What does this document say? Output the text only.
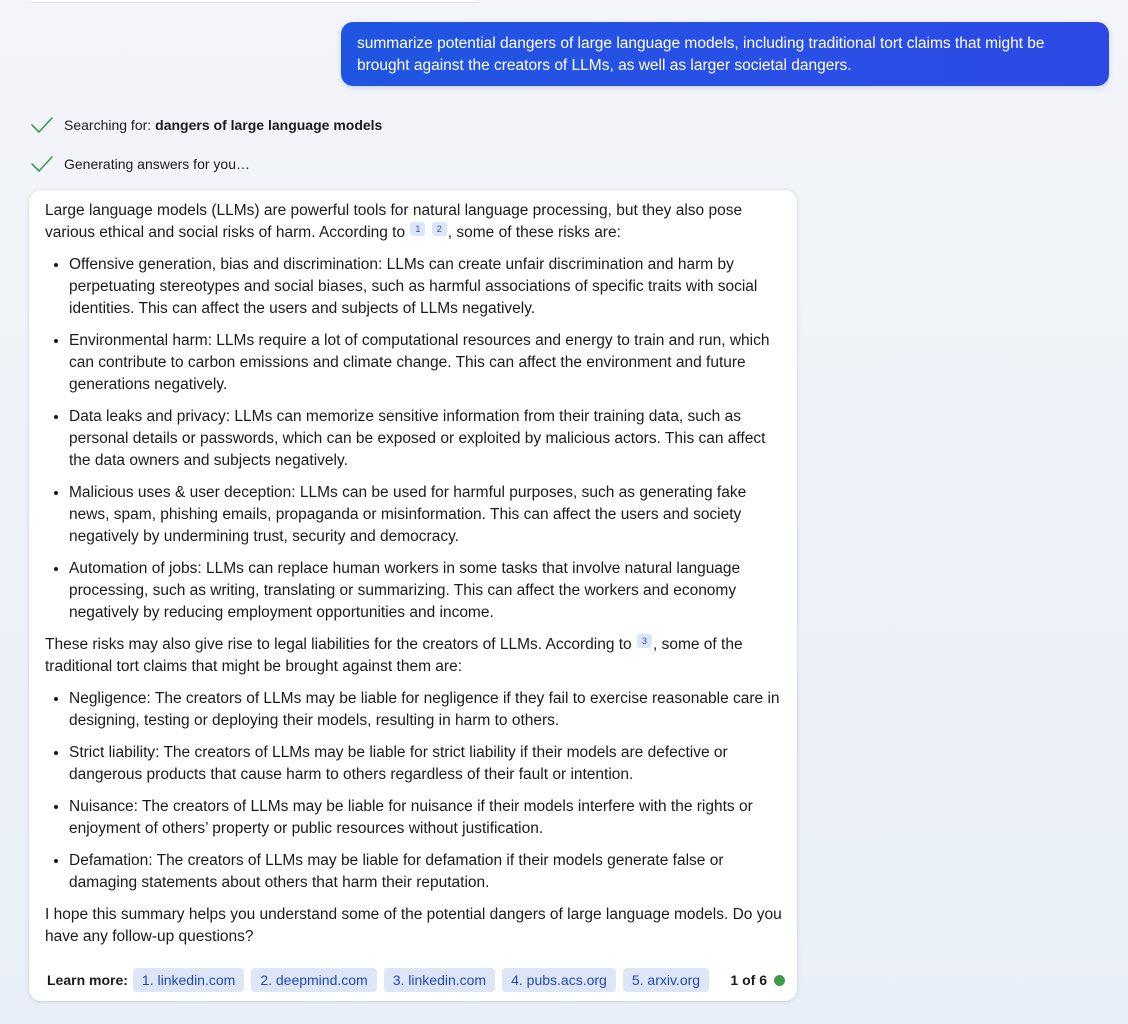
summarize potential dangers of large language models, including traditional tort claims that might be brought against the creators of LLMs, as well as larger societal dangers.
Searching for: dangers of large language models
Generating answers for you…

Large language models (LLMs) are powerful tools for natural language processing, but they also pose various ethical and social risks of harm. According to 1 2 , some of these risks are:

• Offensive generation, bias and discrimination: LLMs can create unfair discrimination and harm by perpetuating stereotypes and social biases, such as harmful associations of specific traits with social identities. This can affect the users and subjects of LLMs negatively.
• Environmental harm: LLMs require a lot of computational resources and energy to train and run, which can contribute to carbon emissions and climate change. This can affect the environment and future generations negatively.
• Data leaks and privacy: LLMs can memorize sensitive information from their training data, such as personal details or passwords, which can be exposed or exploited by malicious actors. This can affect the data owners and subjects negatively.
• Malicious uses & user deception: LLMs can be used for harmful purposes, such as generating fake news, spam, phishing emails, propaganda or misinformation. This can affect the users and society negatively by undermining trust, security and democracy.
• Automation of jobs: LLMs can replace human workers in some tasks that involve natural language processing, such as writing, translating or summarizing. This can affect the workers and economy negatively by reducing employment opportunities and income.

These risks may also give rise to legal liabilities for the creators of LLMs. According to 3 , some of the traditional tort claims that might be brought against them are:

• Negligence: The creators of LLMs may be liable for negligence if they fail to exercise reasonable care in designing, testing or deploying their models, resulting in harm to others.
• Strict liability: The creators of LLMs may be liable for strict liability if their models are defective or dangerous products that cause harm to others regardless of their fault or intention.
• Nuisance: The creators of LLMs may be liable for nuisance if their models interfere with the rights or enjoyment of others’ property or public resources without justification.
• Defamation: The creators of LLMs may be liable for defamation if their models generate false or damaging statements about others that harm their reputation.

I hope this summary helps you understand some of the potential dangers of large language models. Do you have any follow-up questions?

Learn more:	1. linkedin.com	2. deepmind.com	3. linkedin.com	4. pubs.acs.org	5. arxiv.org	1 of 6
